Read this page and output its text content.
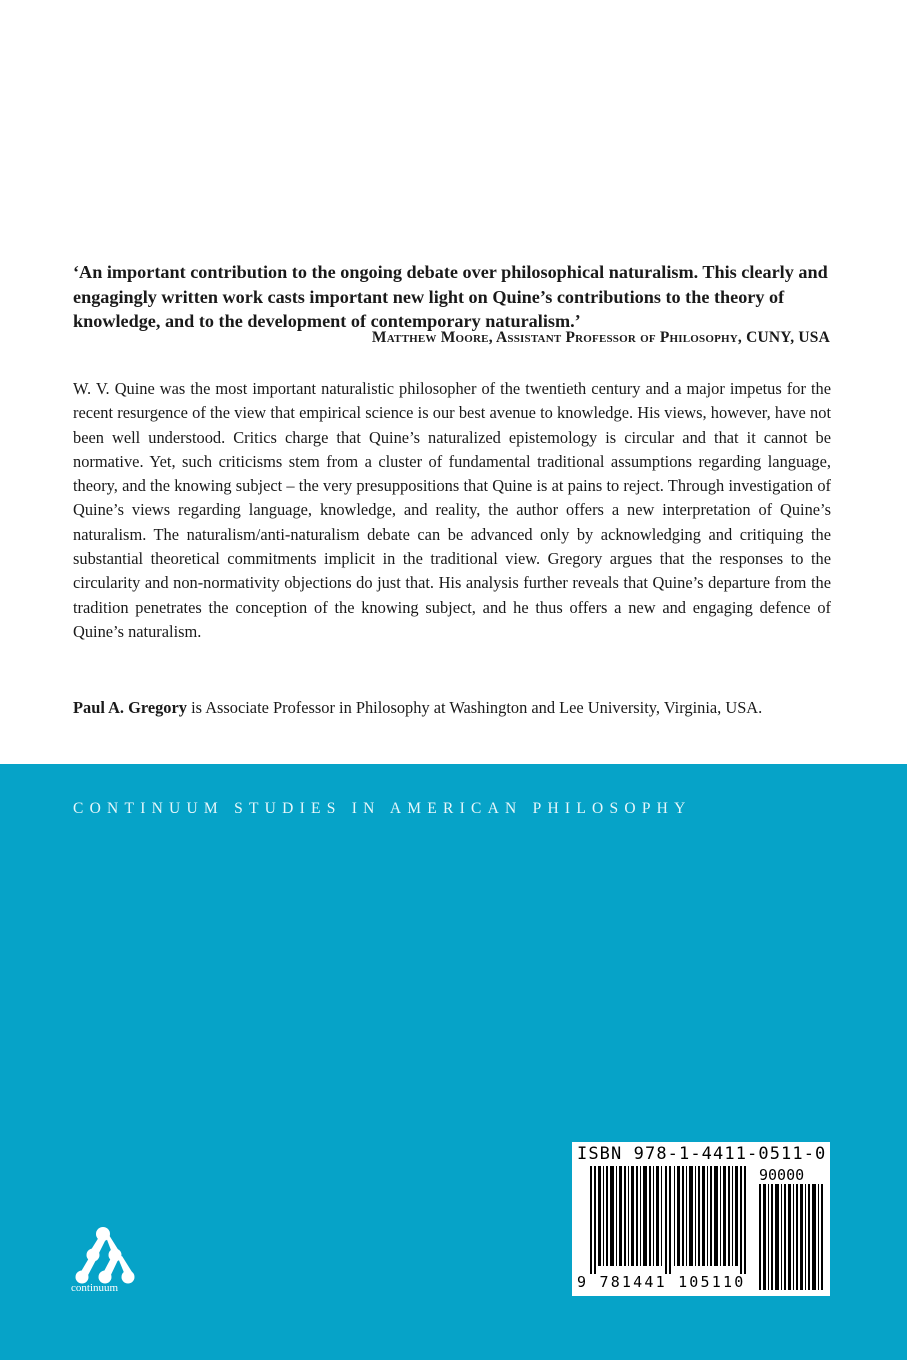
‘An important contribution to the ongoing debate over philosophical naturalism. This clearly and engagingly written work casts important new light on Quine’s contributions to the theory of knowledge, and to the development of contemporary naturalism.’
Matthew Moore, Assistant Professor of Philosophy, CUNY, USA
W. V. Quine was the most important naturalistic philosopher of the twentieth century and a major impetus for the recent resurgence of the view that empirical science is our best avenue to knowledge. His views, however, have not been well understood. Critics charge that Quine’s naturalized epistemology is circular and that it cannot be normative. Yet, such criticisms stem from a cluster of fundamental traditional assumptions regarding language, theory, and the knowing subject – the very presuppositions that Quine is at pains to reject. Through investigation of Quine’s views regarding language, knowledge, and reality, the author offers a new interpretation of Quine’s naturalism. The naturalism/anti-naturalism debate can be advanced only by acknowledging and critiquing the substantial theoretical commitments implicit in the traditional view. Gregory argues that the responses to the circularity and non-normativity objections do just that. His analysis further reveals that Quine’s departure from the tradition penetrates the conception of the knowing subject, and he thus offers a new and engaging defence of Quine’s naturalism.
Paul A. Gregory is Associate Professor in Philosophy at Washington and Lee University, Virginia, USA.
CONTINUUM STUDIES IN AMERICAN PHILOSOPHY
continuum
ISBN 978-1-4411-0511-0
90000
9 781441 105110
